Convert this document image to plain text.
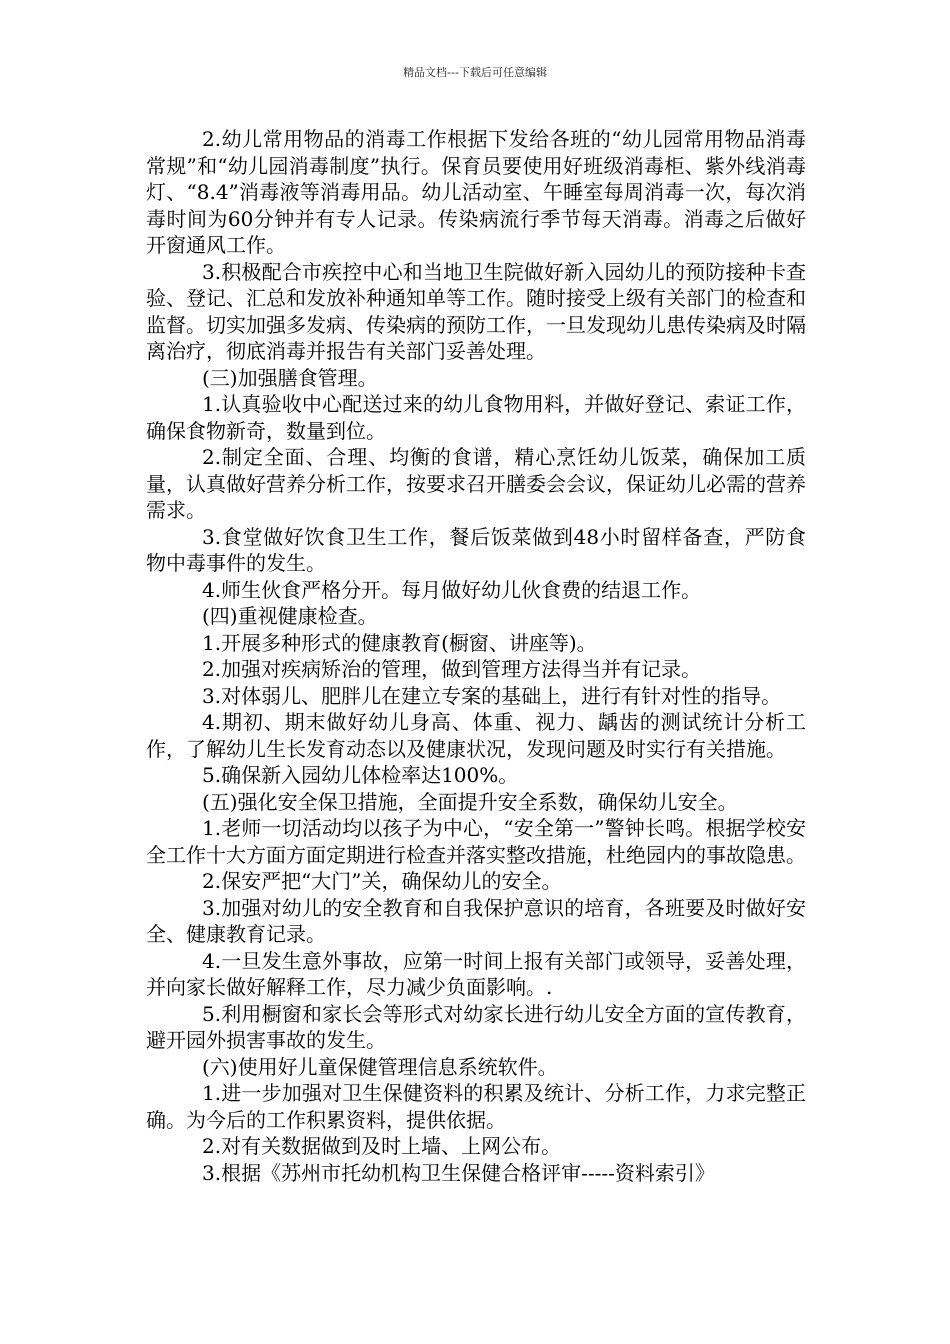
精品文档---下载后可任意编辑

2.幼儿常用物品的消毒工作根据下发给各班的“幼儿园常用物品消毒常规”和“幼儿园消毒制度”执行。保育员要使用好班级消毒柜、紫外线消毒灯、“8.4”消毒液等消毒用品。幼儿活动室、午睡室每周消毒一次，每次消毒时间为60分钟并有专人记录。传染病流行季节每天消毒。消毒之后做好开窗通风工作。

3.积极配合市疾控中心和当地卫生院做好新入园幼儿的预防接种卡查验、登记、汇总和发放补种通知单等工作。随时接受上级有关部门的检查和监督。切实加强多发病、传染病的预防工作，一旦发现幼儿患传染病及时隔离治疗，彻底消毒并报告有关部门妥善处理。

(三)加强膳食管理。

1.认真验收中心配送过来的幼儿食物用料，并做好登记、索证工作，确保食物新奇，数量到位。

2.制定全面、合理、均衡的食谱，精心烹饪幼儿饭菜，确保加工质量，认真做好营养分析工作，按要求召开膳委会会议，保证幼儿必需的营养需求。

3.食堂做好饮食卫生工作，餐后饭菜做到48小时留样备查，严防食物中毒事件的发生。

4.师生伙食严格分开。每月做好幼儿伙食费的结退工作。

(四)重视健康检查。

1.开展多种形式的健康教育(橱窗、讲座等)。

2.加强对疾病矫治的管理，做到管理方法得当并有记录。

3.对体弱儿、肥胖儿在建立专案的基础上，进行有针对性的指导。

4.期初、期末做好幼儿身高、体重、视力、龋齿的测试统计分析工作，了解幼儿生长发育动态以及健康状况，发现问题及时实行有关措施。

5.确保新入园幼儿体检率达100%。

(五)强化安全保卫措施，全面提升安全系数，确保幼儿安全。

1.老师一切活动均以孩子为中心，“安全第一”警钟长鸣。根据学校安全工作十大方面方面定期进行检查并落实整改措施，杜绝园内的事故隐患。

2.保安严把“大门”关，确保幼儿的安全。

3.加强对幼儿的安全教育和自我保护意识的培育，各班要及时做好安全、健康教育记录。

4.一旦发生意外事故，应第一时间上报有关部门或领导，妥善处理，并向家长做好解释工作，尽力减少负面影响。.

5.利用橱窗和家长会等形式对幼家长进行幼儿安全方面的宣传教育，避开园外损害事故的发生。

(六)使用好儿童保健管理信息系统软件。

1.进一步加强对卫生保健资料的积累及统计、分析工作，力求完整正确。为今后的工作积累资料，提供依据。

2.对有关数据做到及时上墙、上网公布。

3.根据《苏州市托幼机构卫生保健合格评审-----资料索引》
